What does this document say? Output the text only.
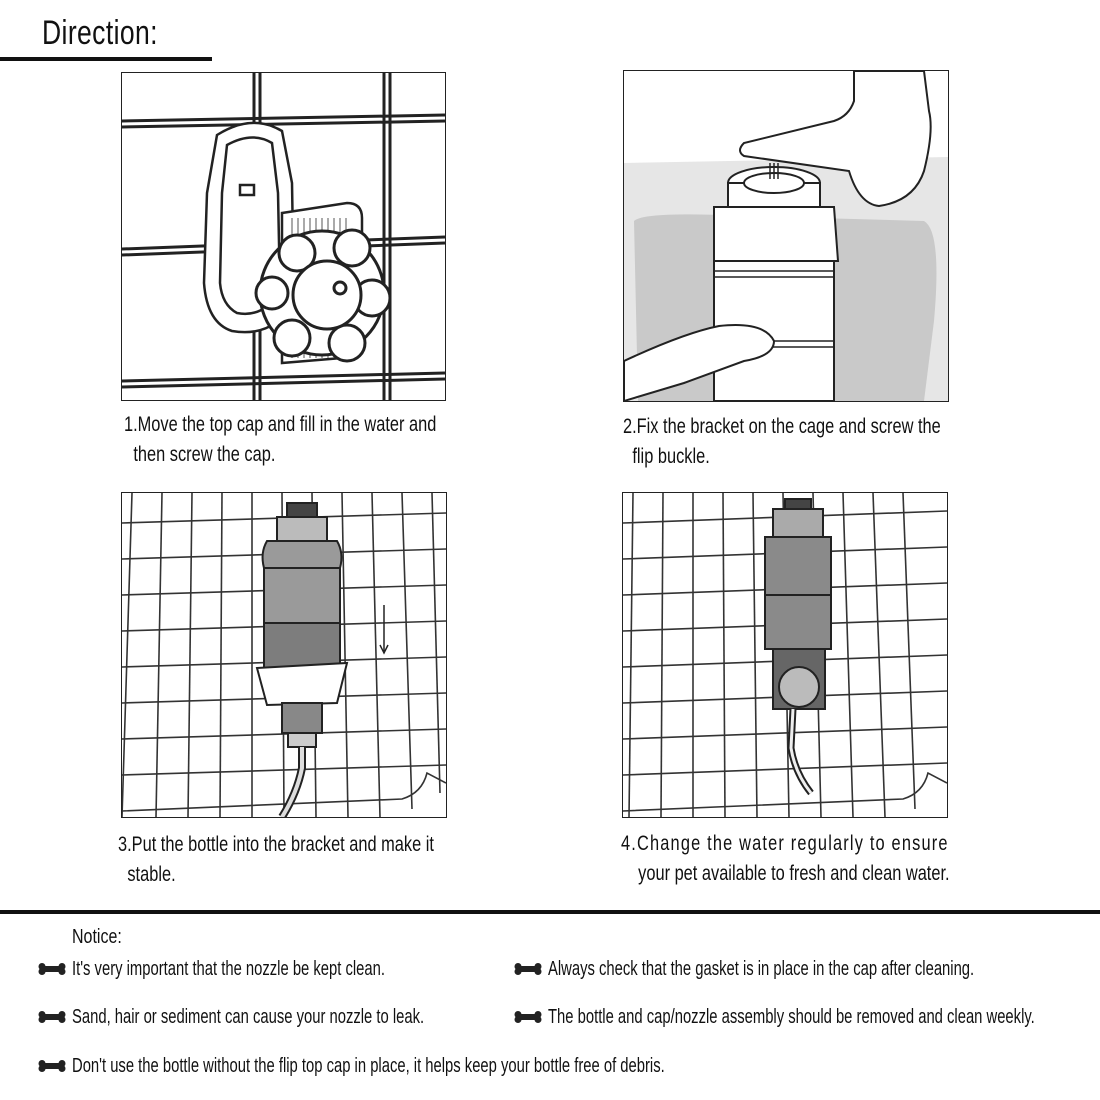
Direction:
1.Move the top cap and fill in the water and
then screw the cap.
2.Fix the bracket on the cage and screw the
flip buckle.
3.Put the bottle into the bracket and make it
stable.
4.Change the water regularly to ensure
your pet available to fresh and clean water.
Notice:
It's very important that the nozzle be kept clean.	Always check that the gasket is in place in the cap after cleaning.
Sand, hair or sediment can cause your nozzle to leak.	The bottle and cap/nozzle assembly should be removed and clean weekly.
Don't use the bottle without the flip top cap in place, it helps keep your bottle free of debris.
